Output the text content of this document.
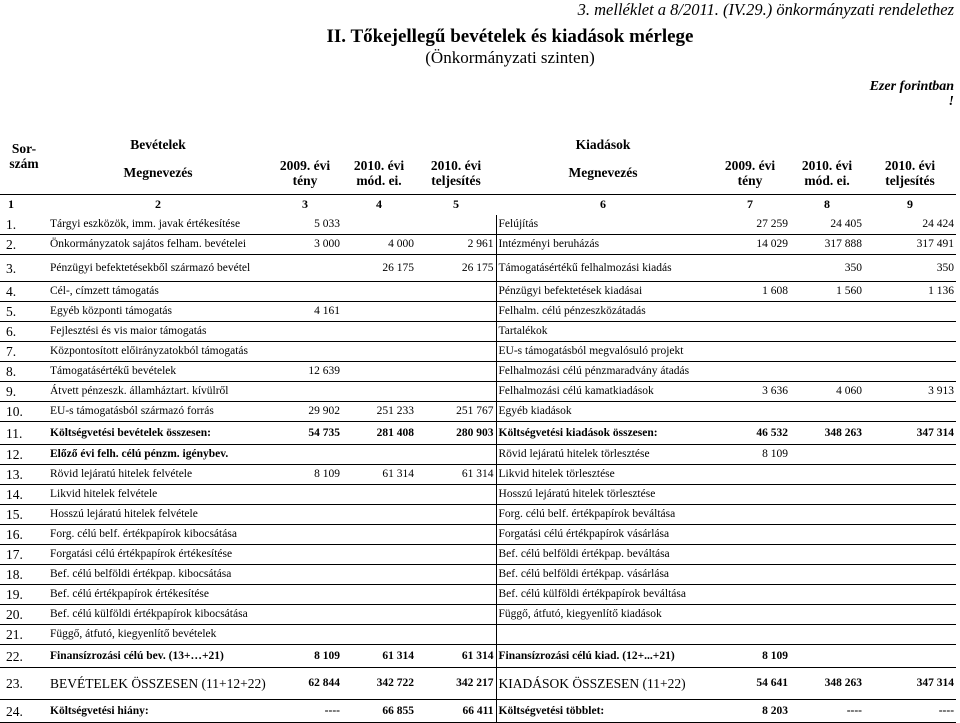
3. melléklet a 8/2011. (IV.29.) önkormányzati rendelethez
II. Tőkejellegű bevételek és kiadások mérlege
(Önkormányzati szinten)
Ezer forintban
!
Sor-szám	Bevételek				Kiadások			
	Megnevezés	2009. évi tény	2010. évi mód. ei.	2010. évi teljesítés	Megnevezés	2009. évi tény	2010. évi mód. ei.	2010. évi teljesítés
1	2	3	4	5	6	7	8	9
1.	Tárgyi eszközök, imm. javak értékesítése	5 033			Felújítás	27 259	24 405	24 424
2.	Önkormányzatok sajátos felham. bevételei	3 000	4 000	2 961	Intézményi beruházás	14 029	317 888	317 491
3.	Pénzügyi befektetésekből származó bevétel		26 175	26 175	Támogatásértékű felhalmozási kiadás		350	350
4.	Cél-, címzett támogatás				Pénzügyi befektetések kiadásai	1 608	1 560	1 136
5.	Egyéb központi támogatás	4 161			Felhalm. célú pénzeszközátadás			
6.	Fejlesztési és vis maior támogatás				Tartalékok			
7.	Központosított előirányzatokból támogatás				EU-s támogatásból megvalósuló projekt			
8.	Támogatásértékű bevételek	12 639			Felhalmozási célú pénzmaradvány átadás			
9.	Átvett pénzeszk. államháztart. kívülről				Felhalmozási célú kamatkiadások	3 636	4 060	3 913
10.	EU-s támogatásból származó forrás	29 902	251 233	251 767	Egyéb kiadások			
11.	Költségvetési bevételek összesen:	54 735	281 408	280 903	Költségvetési kiadások összesen:	46 532	348 263	347 314
12.	Előző évi felh. célú pénzm. igénybev.				Rövid lejáratú hitelek törlesztése	8 109		
13.	Rövid lejáratú hitelek felvétele	8 109	61 314	61 314	Likvid hitelek törlesztése			
14.	Likvid hitelek felvétele				Hosszú lejáratú hitelek törlesztése			
15.	Hosszú lejáratú hitelek felvétele				Forg. célú belf. értékpapírok beváltása			
16.	Forg. célú belf. értékpapírok kibocsátása				Forgatási célú értékpapírok vásárlása			
17.	Forgatási célú értékpapírok értékesítése				Bef. célú belföldi értékpap. beváltása			
18.	Bef. célú belföldi értékpap. kibocsátása				Bef. célú belföldi értékpap. vásárlása			
19.	Bef. célú értékpapírok értékesítése				Bef. célú külföldi értékpapírok beváltása			
20.	Bef. célú külföldi értékpapírok kibocsátása				Függő, átfutó, kiegyenlítő kiadások			
21.	Függő, átfutó, kiegyenlítő bevételek							
22.	Finansízrozási célú bev. (13+…+21)	8 109	61 314	61 314	Finansízrozási célú kiad. (12+...+21)	8 109		
23.	BEVÉTELEK ÖSSZESEN (11+12+22)	62 844	342 722	342 217	KIADÁSOK ÖSSZESEN (11+22)	54 641	348 263	347 314
24.	Költségvetési hiány:	----	66 855	66 411	Költségvetési többlet:	8 203	----	----
